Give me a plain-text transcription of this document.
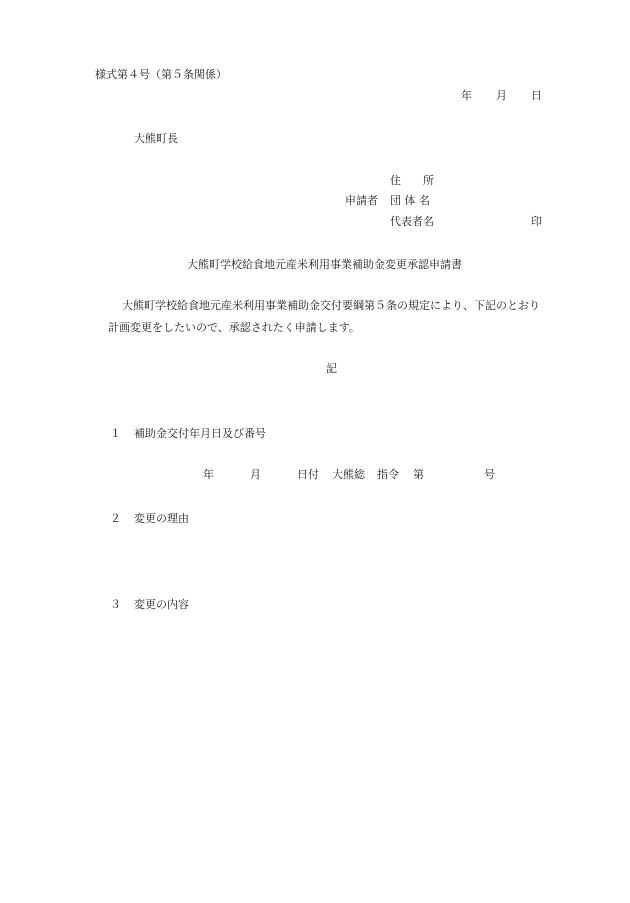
様式第４号（第５条関係）
年 月 日
大熊町長
住　　所
申請者 団 体 名
代表者名	印
大熊町学校給食地元産米利用事業補助金変更承認申請書
大熊町学校給食地元産米利用事業補助金交付要綱第５条の規定により、下記のとおり
計画変更をしたいので、承認されたく申請します。
記
１ 補助金交付年月日及び番号
年	月	日付 大熊総 指令 第	号
２ 変更の理由
３ 変更の内容
